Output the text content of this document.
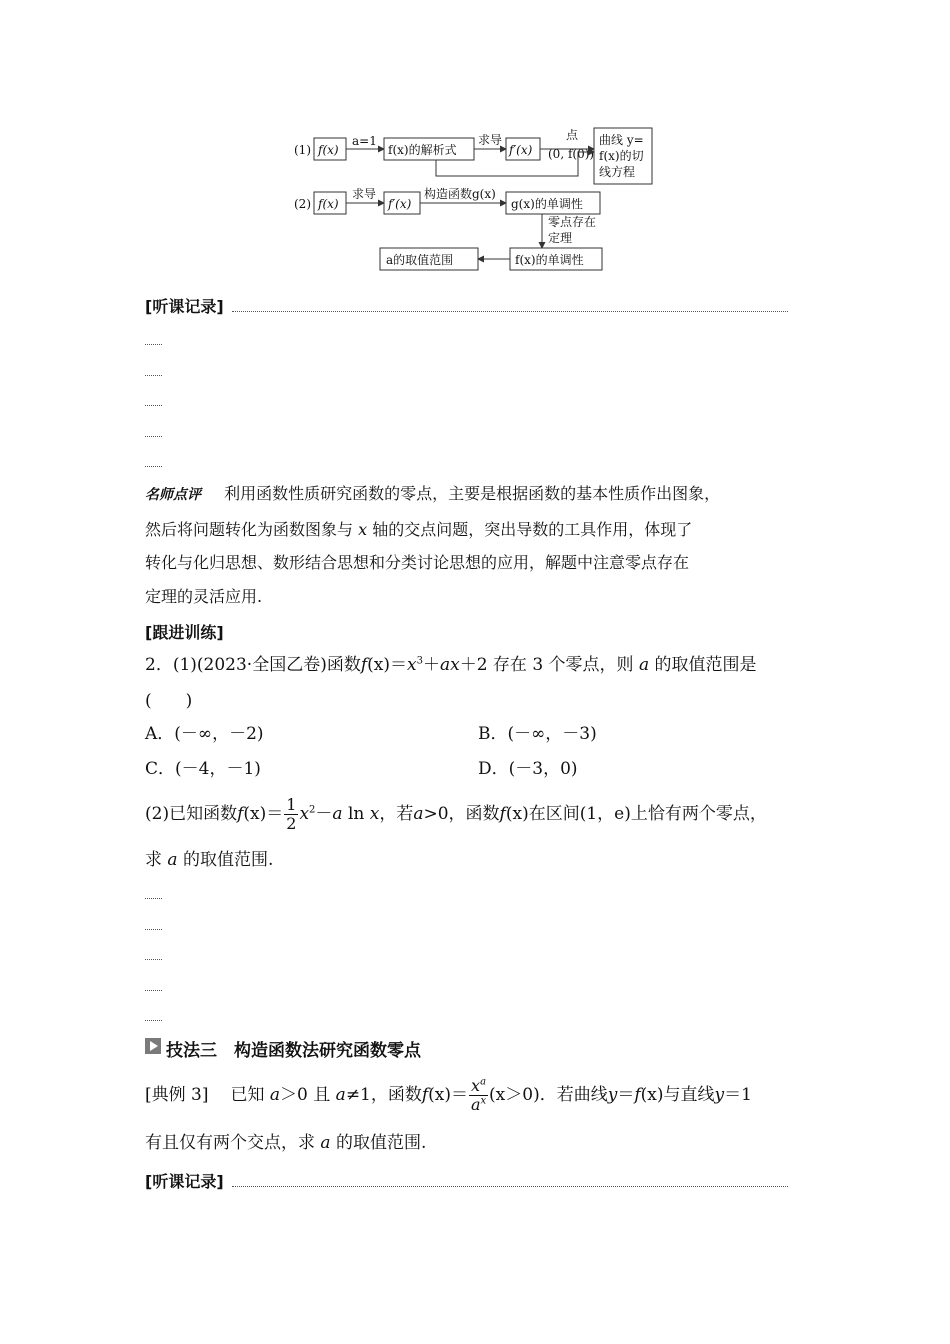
(1) f(x)
a=1
f(x)的解析式
求导
f′(x)
点
(0, f(0))
曲线 y=
f(x)的切
线方程
(2) f(x)
求导
f′(x)
构造函数g(x)
g(x)的单调性
零点存在
定理
f(x)的单调性
a的取值范围
[听课记录]
名师点评 利用函数性质研究函数的零点，主要是根据函数的基本性质作出图象，
然后将问题转化为函数图象与 x 轴的交点问题，突出导数的工具作用，体现了
转化与化归思想、数形结合思想和分类讨论思想的应用，解题中注意零点存在
定理的灵活应用.
[跟进训练]
2．(1)(2023·全国乙卷)函数$f(x)=x^3+ax+2$ 存在 3 个零点，则 a 的取值范围是
(　　)
A．(－∞，－2)	B．(－∞，－3)
C．(－4，－1)	D．(－3，0)
(2)已知函数$f(x)= \frac{1}{2} x^2-a$ ln x，若a>0，函数f(x)在区间(1，e)上恰有两个零点，
求 a 的取值范围.
技法三　构造函数法研究函数零点
[典例 3] 已知 a＞0 且 a≠1，函数$f(x)= \frac{x^a}{a^x} (x>0)$．若曲线y＝f(x)与直线y＝1
有且仅有两个交点，求 a 的取值范围.
[听课记录]
